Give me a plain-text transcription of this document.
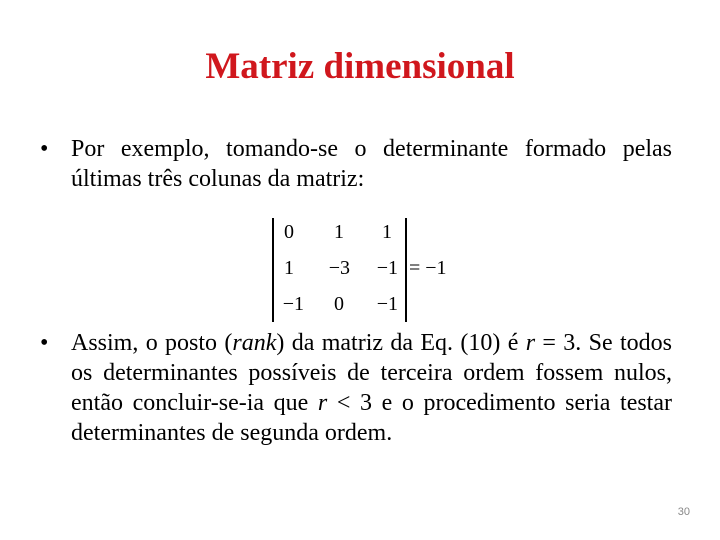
Matriz dimensional
• Por exemplo, tomando-se o determinante formado pelas últimas três colunas da matriz:
0	1	1
1	−3	−1
−1	0	−1
= −1
• Assim, o posto (rank) da matriz da Eq. (10) é r = 3. Se todos os determinantes possíveis de terceira ordem fossem nulos, então concluir-se-ia que r < 3 e o procedimento seria testar determinantes de segunda ordem.
30
